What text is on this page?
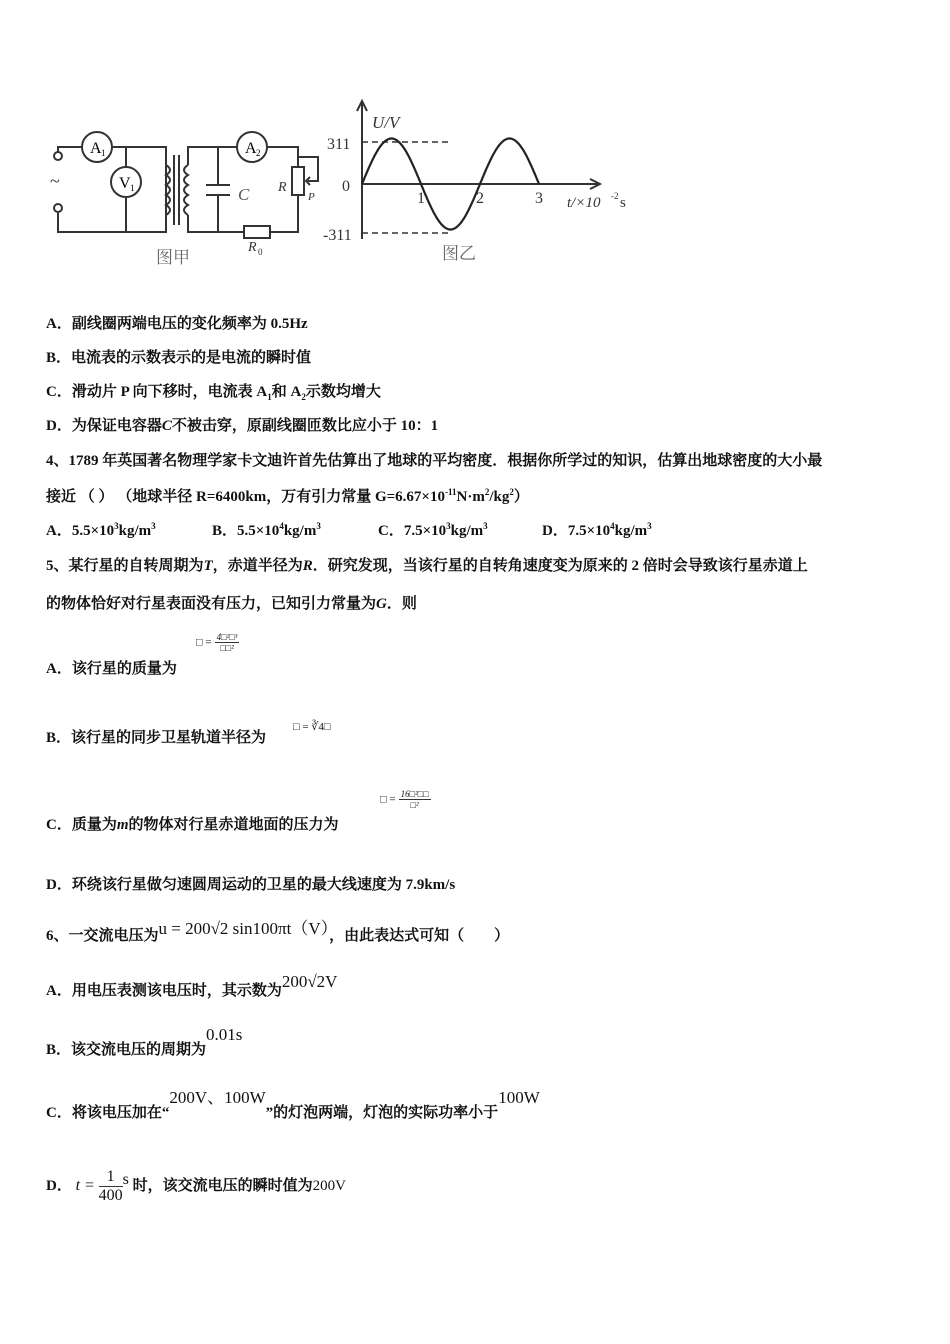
A 1
V 1
A 2
~
C R
P
R 0
图甲
1	2	3
U/V
311
0
-311
t/×10 -2 s
图乙
A．副线圈两端电压的变化频率为 0.5Hz
B．电流表的示数表示的是电流的瞬时值
C．滑动片 P 向下移时，电流表 $A_1$和 $A_2$示数均增大
D．为保证电容器C不被击穿，原副线圈匝数比应小于 10：1
4、1789 年英国著名物理学家卡文迪许首先估算出了地球的平均密度．根据你所学过的知识，估算出地球密度的大小最
接近 （ ） （地球半径 R=6400km，万有引力常量 $G=6.67\times 10^{-11}N\cdot m^2/kg^2$）
A．$5.5\times 10^3kg/m^3$	B．$5.5\times 10^4kg/m^3$	C．$7.5\times 10^3kg/m^3$	D．$7.5\times 10^4kg/m^3$
5、某行星的自转周期为T，赤道半径为R．研究发现，当该行星的自转角速度变为原来的 2 倍时会导致该行星赤道上
的物体恰好对行星表面没有压力，已知引力常量为G．则
A．该行星的质量为
□ = $\frac{\text{4□²□³}}{\text{□□²}}$
B．该行星的同步卫星轨道半径为
□ = ∛4□
C．质量为m的物体对行星赤道地面的压力为
□ = $\frac{\text{16□²□□}}{\text{□²}}$
D．环绕该行星做匀速圆周运动的卫星的最大线速度为 7.9km/s
6、一交流电压为u = 200√2 sin100πt（V），由此表达式可知（　　）
A．用电压表测该电压时，其示数为200√2V
B．该交流电压的周期为0.01s
C．将该电压加在“200V、100W”的灯泡两端，灯泡的实际功率小于100W
D． $t = \frac{1}{400}$ s 时，该交流电压的瞬时值为200V
